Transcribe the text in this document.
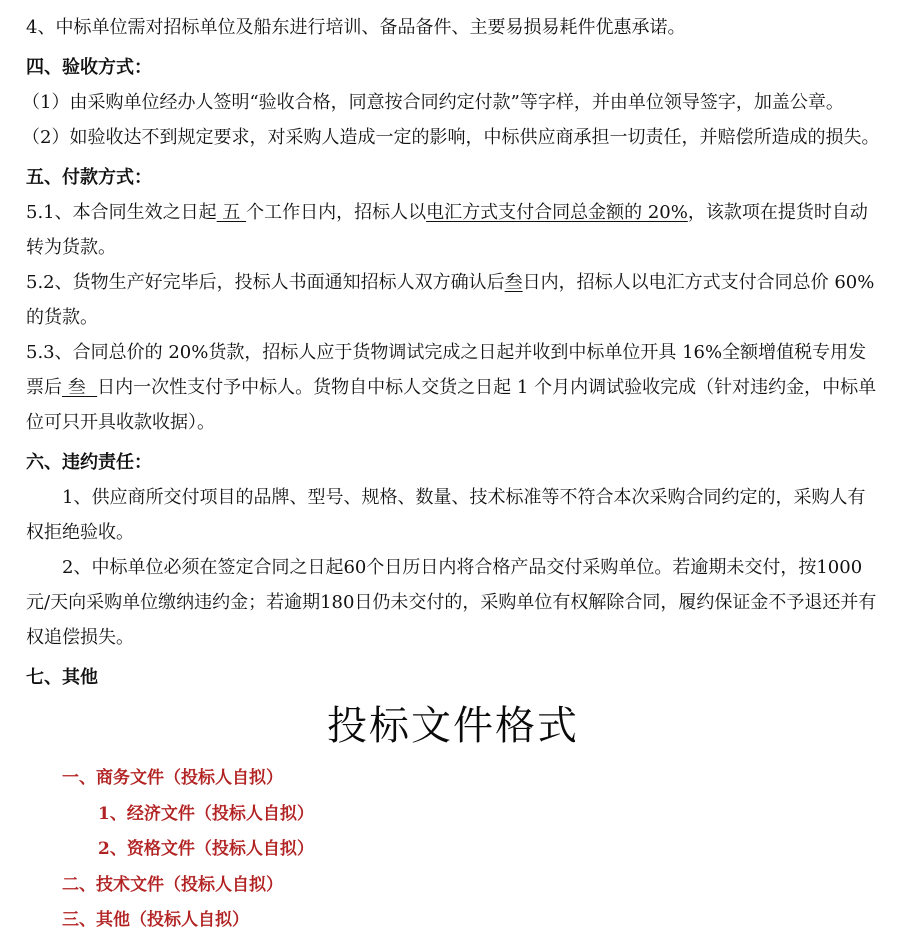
4、中标单位需对招标单位及船东进行培训、备品备件、主要易损易耗件优惠承诺。

四、验收方式：

（1）由采购单位经办人签明“验收合格，同意按合同约定付款”等字样，并由单位领导签字，加盖公章。

（2）如验收达不到规定要求，对采购人造成一定的影响，中标供应商承担一切责任，并赔偿所造成的损失。

五、付款方式：

5.1、本合同生效之日起 五 个工作日内，招标人以电汇方式支付合同总金额的 20%，该款项在提货时自动转为货款。

5.2、货物生产好完毕后，投标人书面通知招标人双方确认后叁日内，招标人以电汇方式支付合同总价 60%的货款。

5.3、合同总价的 20%货款，招标人应于货物调试完成之日起并收到中标单位开具 16%全额增值税专用发票后 叁  日内一次性支付予中标人。货物自中标人交货之日起 1 个月内调试验收完成（针对违约金，中标单位可只开具收款收据）。

六、违约责任：

1、供应商所交付项目的品牌、型号、规格、数量、技术标准等不符合本次采购合同约定的，采购人有权拒绝验收。

2、中标单位必须在签定合同之日起60个日历日内将合格产品交付采购单位。若逾期未交付，按1000元/天向采购单位缴纳违约金；若逾期180日仍未交付的，采购单位有权解除合同，履约保证金不予退还并有权追偿损失。

七、其他

投标文件格式

一、商务文件（投标人自拟）

1、经济文件（投标人自拟）

2、资格文件（投标人自拟）

二、技术文件（投标人自拟）

三、其他（投标人自拟）
